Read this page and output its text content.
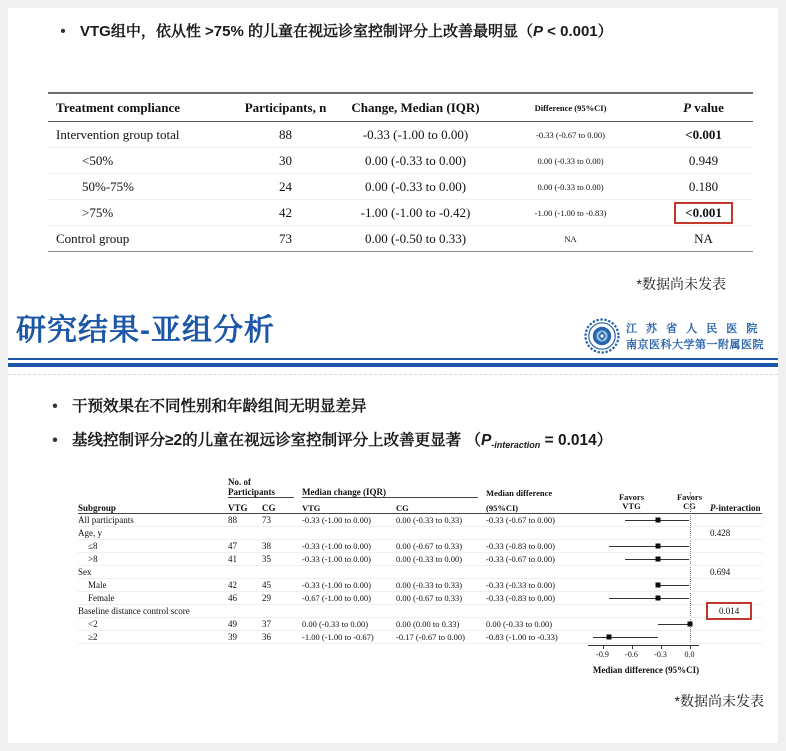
• VTG组中，依从性 >75% 的儿童在视远诊室控制评分上改善最明显（P < 0.001）
Treatment compliance	Participants, n	Change, Median (IQR)	Difference (95%CI)	P value
Intervention group total	88	-0.33 (-1.00 to 0.00)	-0.33 (-0.67 to 0.00)	<0.001
<50%	30	0.00 (-0.33 to 0.00)	0.00 (-0.33 to 0.00)	0.949
50%-75%	24	0.00 (-0.33 to 0.00)	0.00 (-0.33 to 0.00)	0.180
>75%	42	-1.00 (-1.00 to -0.42)	-1.00 (-1.00 to -0.83)	<0.001
Control group	73	0.00 (-0.50 to 0.33)	NA	NA
*数据尚未发表
研究结果-亚组分析	江 苏 省 人 民 医 院
南京医科大学第一附属医院
• 干预效果在不同性别和年龄组间无明显差异
• 基线控制评分≥2的儿童在视远诊室控制评分上改善更显著 $(P_{-interaction} = 0.014)$
No. of Participants	Median change (IQR)	Median difference	Favors
VTG
Favors
CG
Subgroup	VTG	CG	VTG	CG	(95%CI)	P-interaction
All participants	88	73	-0.33 (-1.00 to 0.00)	0.00 (-0.33 to 0.33)	-0.33 (-0.67 to 0.00)
Age, y	0.428
≤8	47	38	-0.33 (-1.00 to 0.00)	0.00 (-0.67 to 0.33)	-0.33 (-0.83 to 0.00)
>8	41	35	-0.33 (-1.00 to 0.00)	0.00 (-0.33 to 0.00)	-0.33 (-0.67 to 0.00)
Sex	0.694
Male	42	45	-0.33 (-1.00 to 0.00)	0.00 (-0.33 to 0.33)	-0.33 (-0.33 to 0.00)
Female	46	29	-0.67 (-1.00 to 0.00)	0.00 (-0.67 to 0.33)	-0.33 (-0.83 to 0.00)
Baseline distance control score	0.014
<2	49	37	0.00 (-0.33 to 0.00)	0.00 (0.00 to 0.33)	0.00 (-0.33 to 0.00)
≥2	39	36	-1.00 (-1.00 to -0.67)	-0.17 (-0.67 to 0.00)	-0.83 (-1.00 to -0.33)
-0.9 -0.6 -0.3 0.0
Median difference (95%CI)
*数据尚未发表
